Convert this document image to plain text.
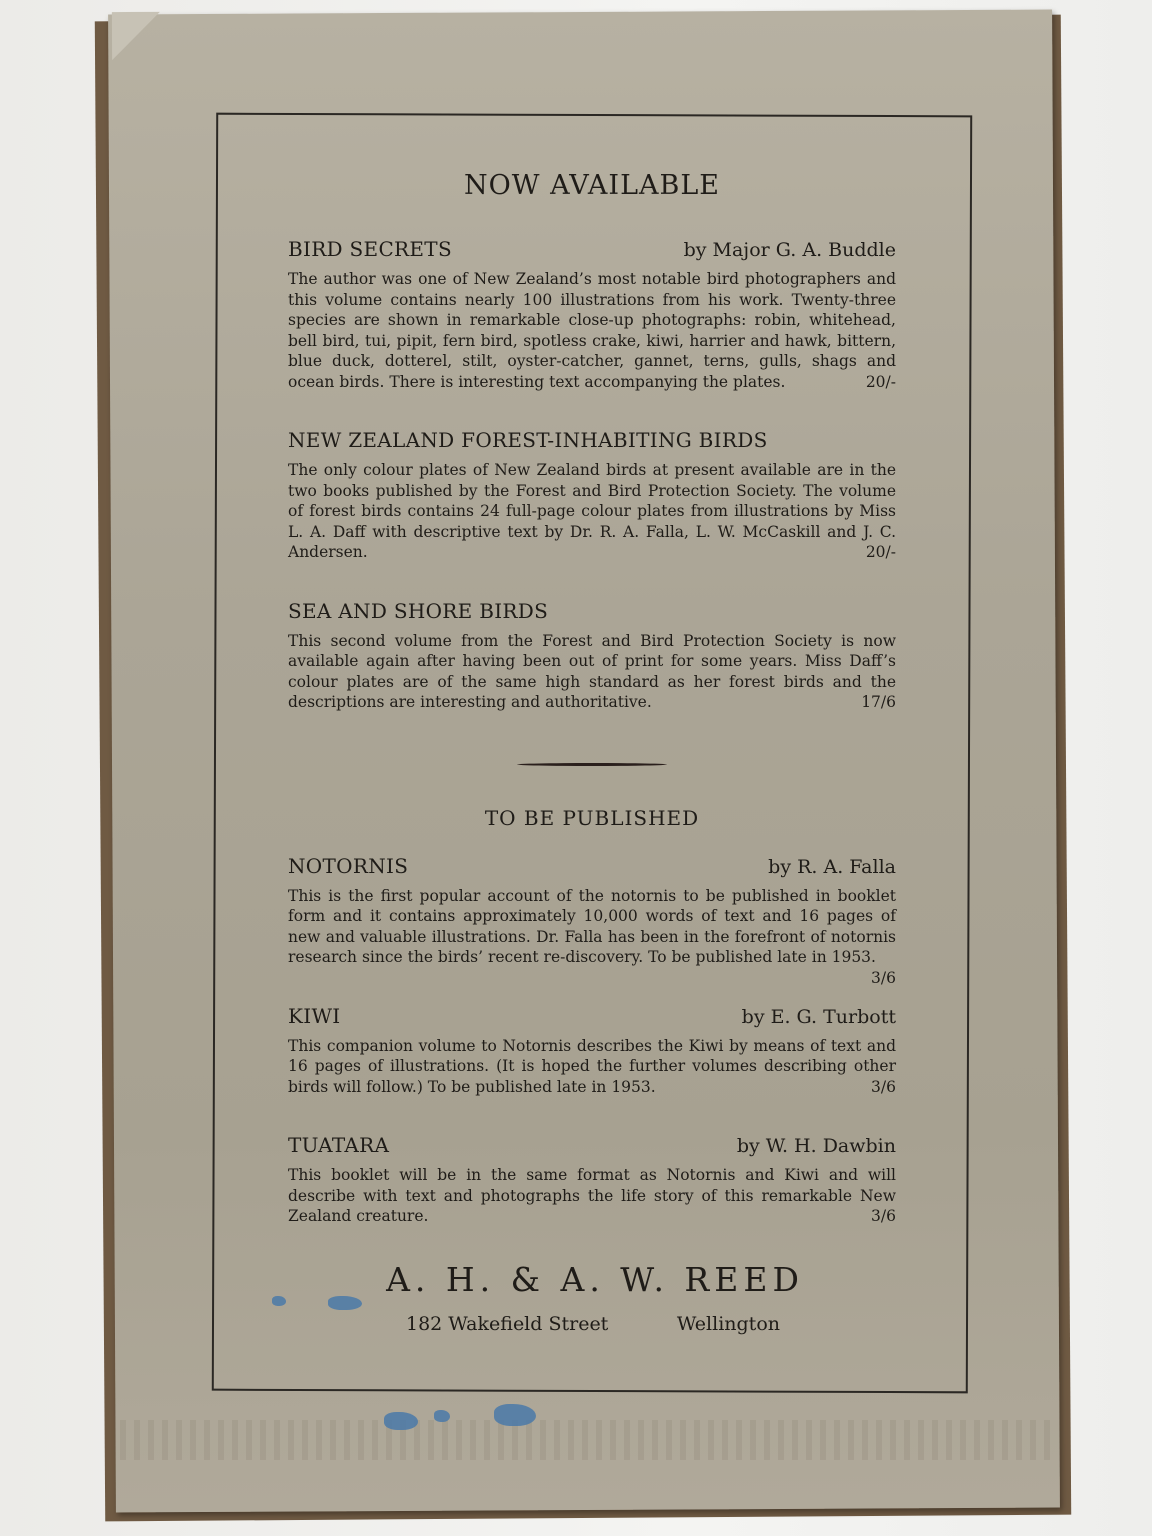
NOW AVAILABLE
BIRD SECRETS	by Major G. A. Buddle

The author was one of New Zealand’s most notable bird photographers and this volume contains nearly 100 illustrations from his work. Twenty-three species are shown in remarkable close-up photographs: robin, whitehead, bell bird, tui, pipit, fern bird, spotless crake, kiwi, harrier and hawk, bittern, blue duck, dotterel, stilt, oyster-catcher, gannet, terns, gulls, shags and ocean birds. There is interesting text accompanying the plates.	20/-

NEW ZEALAND FOREST-INHABITING BIRDS

The only colour plates of New Zealand birds at present available are in the two books published by the Forest and Bird Protection Society. The volume of forest birds contains 24 full-page colour plates from illustrations by Miss L. A. Daff with descriptive text by Dr. R. A. Falla, L. W. McCaskill and J. C. Andersen.	20/-

SEA AND SHORE BIRDS

This second volume from the Forest and Bird Protection Society is now available again after having been out of print for some years. Miss Daff’s colour plates are of the same high standard as her forest birds and the descriptions are interesting and authoritative.	17/6

TO BE PUBLISHED
NOTORNIS	by R. A. Falla

This is the first popular account of the notornis to be published in booklet form and it contains approximately 10,000 words of text and 16 pages of new and valuable illustrations. Dr. Falla has been in the forefront of notornis research since the birds’ recent re-discovery. To be published late in 1953.
3/6

KIWI	by E. G. Turbott

This companion volume to Notornis describes the Kiwi by means of text and 16 pages of illustrations. (It is hoped the further volumes describing other birds will follow.) To be published late in 1953.	3/6

TUATARA	by W. H. Dawbin

This booklet will be in the same format as Notornis and Kiwi and will describe with text and photographs the life story of this remarkable New Zealand creature.	3/6

A. H. & A. W. REED
182 Wakefield Street	Wellington
